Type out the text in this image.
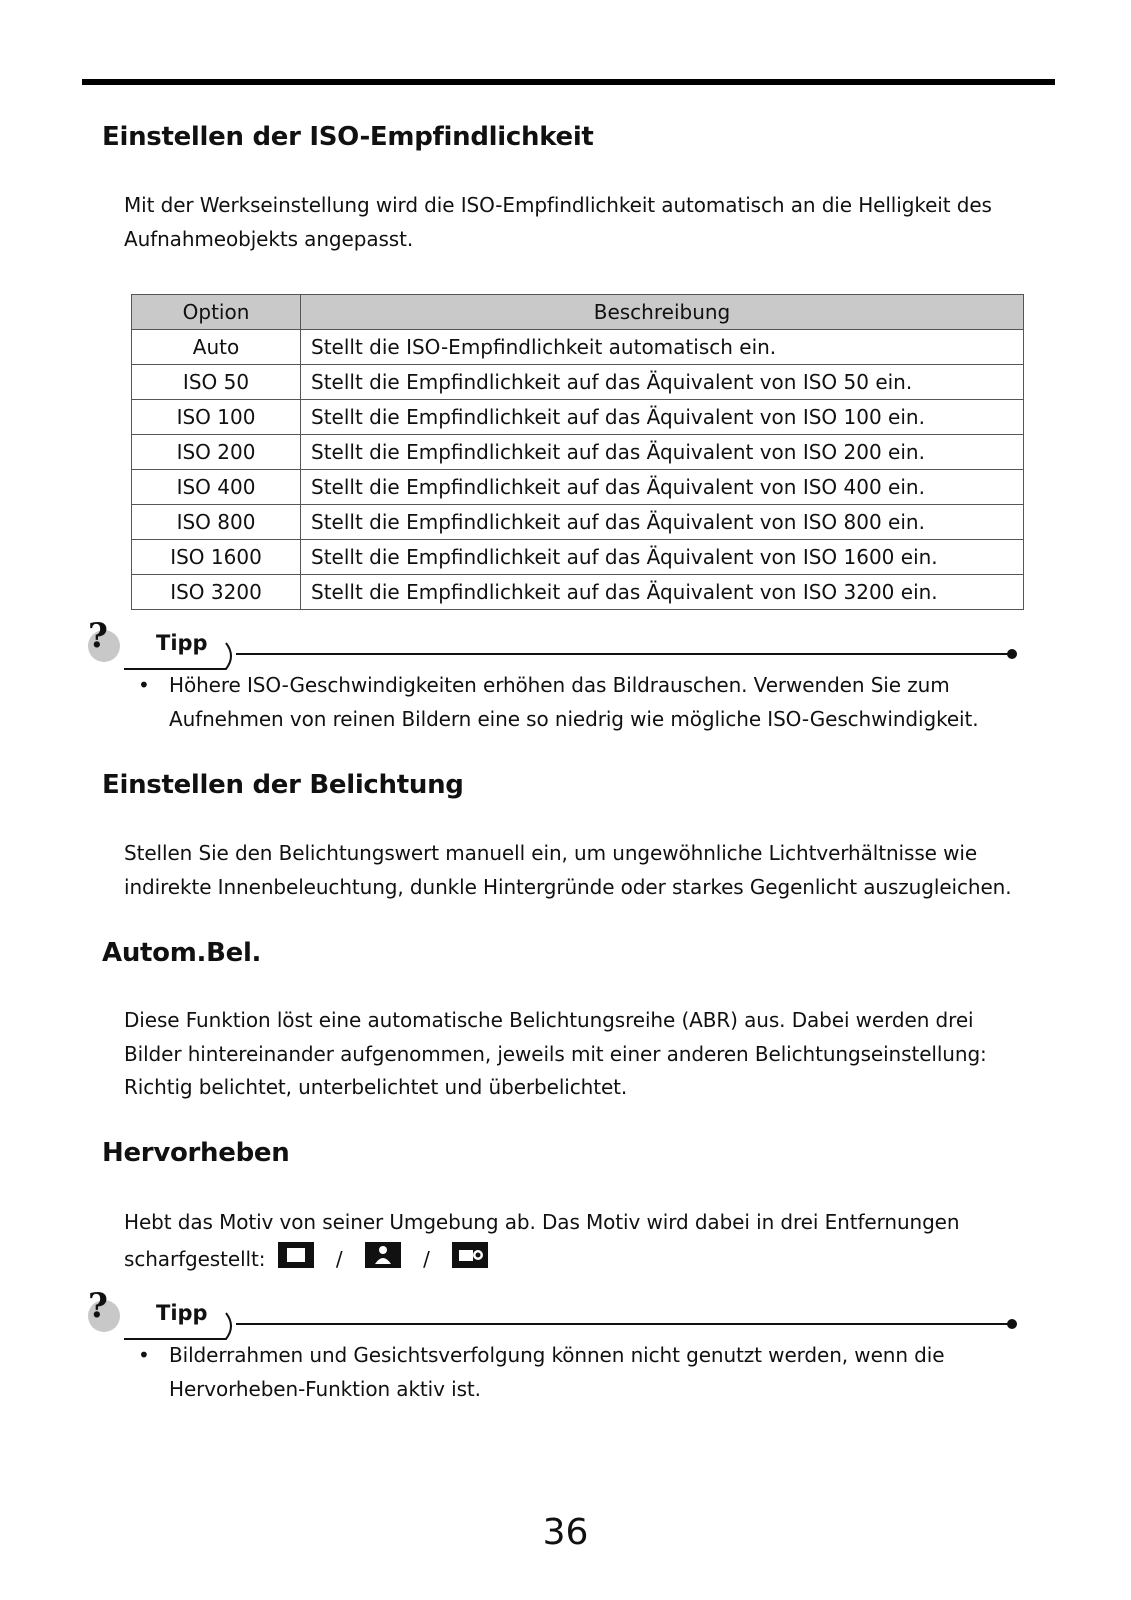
Einstellen der ISO-Empfindlichkeit

Mit der Werkseinstellung wird die ISO-Empfindlichkeit automatisch an die Helligkeit des

Aufnahmeobjekts angepasst.

Option	Beschreibung
Auto	Stellt die ISO-Empfindlichkeit automatisch ein.
ISO 50	Stellt die Empfindlichkeit auf das Äquivalent von ISO 50 ein.
ISO 100	Stellt die Empfindlichkeit auf das Äquivalent von ISO 100 ein.
ISO 200	Stellt die Empfindlichkeit auf das Äquivalent von ISO 200 ein.
ISO 400	Stellt die Empfindlichkeit auf das Äquivalent von ISO 400 ein.
ISO 800	Stellt die Empfindlichkeit auf das Äquivalent von ISO 800 ein.
ISO 1600	Stellt die Empfindlichkeit auf das Äquivalent von ISO 1600 ein.
ISO 3200	Stellt die Empfindlichkeit auf das Äquivalent von ISO 3200 ein.
? Tipp
• Höhere ISO-Geschwindigkeiten erhöhen das Bildrauschen. Verwenden Sie zum

Aufnehmen von reinen Bildern eine so niedrig wie mögliche ISO-Geschwindigkeit.

Einstellen der Belichtung

Stellen Sie den Belichtungswert manuell ein, um ungewöhnliche Lichtverhältnisse wie

indirekte Innenbeleuchtung, dunkle Hintergründe oder starkes Gegenlicht auszugleichen.

Autom.Bel.

Diese Funktion löst eine automatische Belichtungsreihe (ABR) aus. Dabei werden drei

Bilder hintereinander aufgenommen, jeweils mit einer anderen Belichtungseinstellung:

Richtig belichtet, unterbelichtet und überbelichtet.

Hervorheben

Hebt das Motiv von seiner Umgebung ab. Das Motiv wird dabei in drei Entfernungen

scharfgestellt:	/	/
? Tipp
• Bilderrahmen und Gesichtsverfolgung können nicht genutzt werden, wenn die

Hervorheben-Funktion aktiv ist.

36
